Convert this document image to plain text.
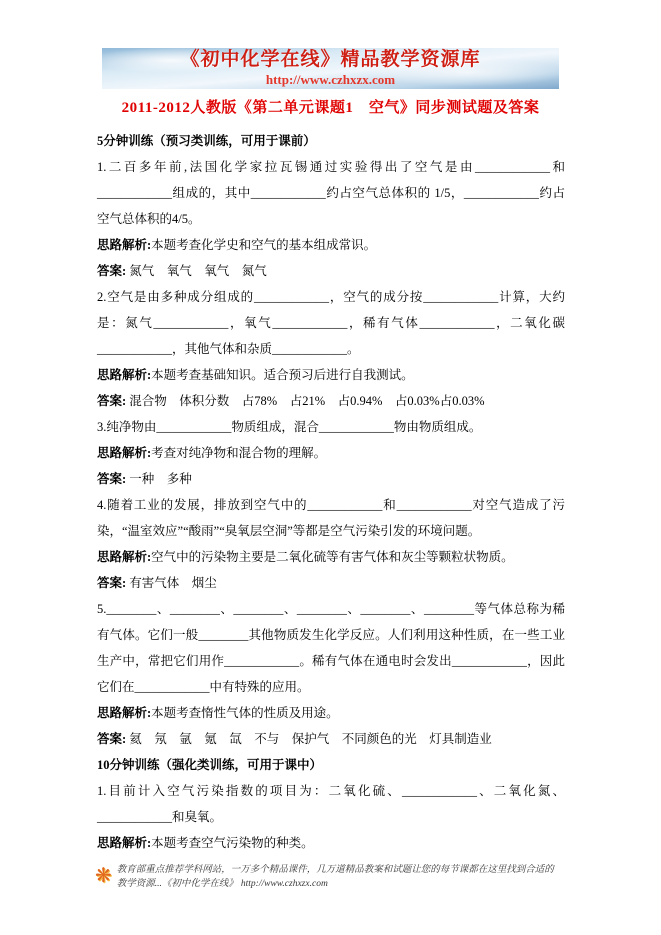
《初中化学在线》精品教学资源库
http://www.czhxzx.com
2011-2012人教版《第二单元课题1　空气》同步测试题及答案

5分钟训练（预习类训练，可用于课前）

1.二百多年前,法国化学家拉瓦锡通过实验得出了空气是由____________和____________组成的，其中____________约占空气总体积的 1/5，____________约占空气总体积的4/5。

思路解析:本题考查化学史和空气的基本组成常识。

答案: 氮气　氧气　氧气　氮气

2.空气是由多种成分组成的____________，空气的成分按____________计算，大约是：氮气____________，氧气____________，稀有气体____________，二氧化碳____________，其他气体和杂质____________。

思路解析:本题考查基础知识。适合预习后进行自我测试。

答案: 混合物　体积分数　占78%　占21%　占0.94%　占0.03%占0.03%

3.纯净物由____________物质组成，混合____________物由物质组成。

思路解析:考查对纯净物和混合物的理解。

答案: 一种　多种

4.随着工业的发展，排放到空气中的____________和____________对空气造成了污染，“温室效应”“酸雨”“臭氧层空洞”等都是空气污染引发的环境问题。

思路解析:空气中的污染物主要是二氧化硫等有害气体和灰尘等颗粒状物质。

答案: 有害气体　烟尘

5.________、________、________、________、________、________等气体总称为稀有气体。它们一般________其他物质发生化学反应。人们利用这种性质，在一些工业生产中，常把它们用作____________。稀有气体在通电时会发出____________，因此它们在____________中有特殊的应用。

思路解析:本题考查惰性气体的性质及用途。

答案: 氦　氖　氩　氪　氙　不与　保护气　不同颜色的光　灯具制造业

10分钟训练（强化类训练，可用于课中）

1.目前计入空气污染指数的项目为：二氧化硫、____________、二氧化氮、____________和臭氧。

思路解析:本题考查空气污染物的种类。

❋ 教育部重点推荐学科网站，一万多个精品课件，几万道精品教案和试题让您的每节课都在这里找到合适的
教学资源...《初中化学在线》 http://www.czhxzx.com
